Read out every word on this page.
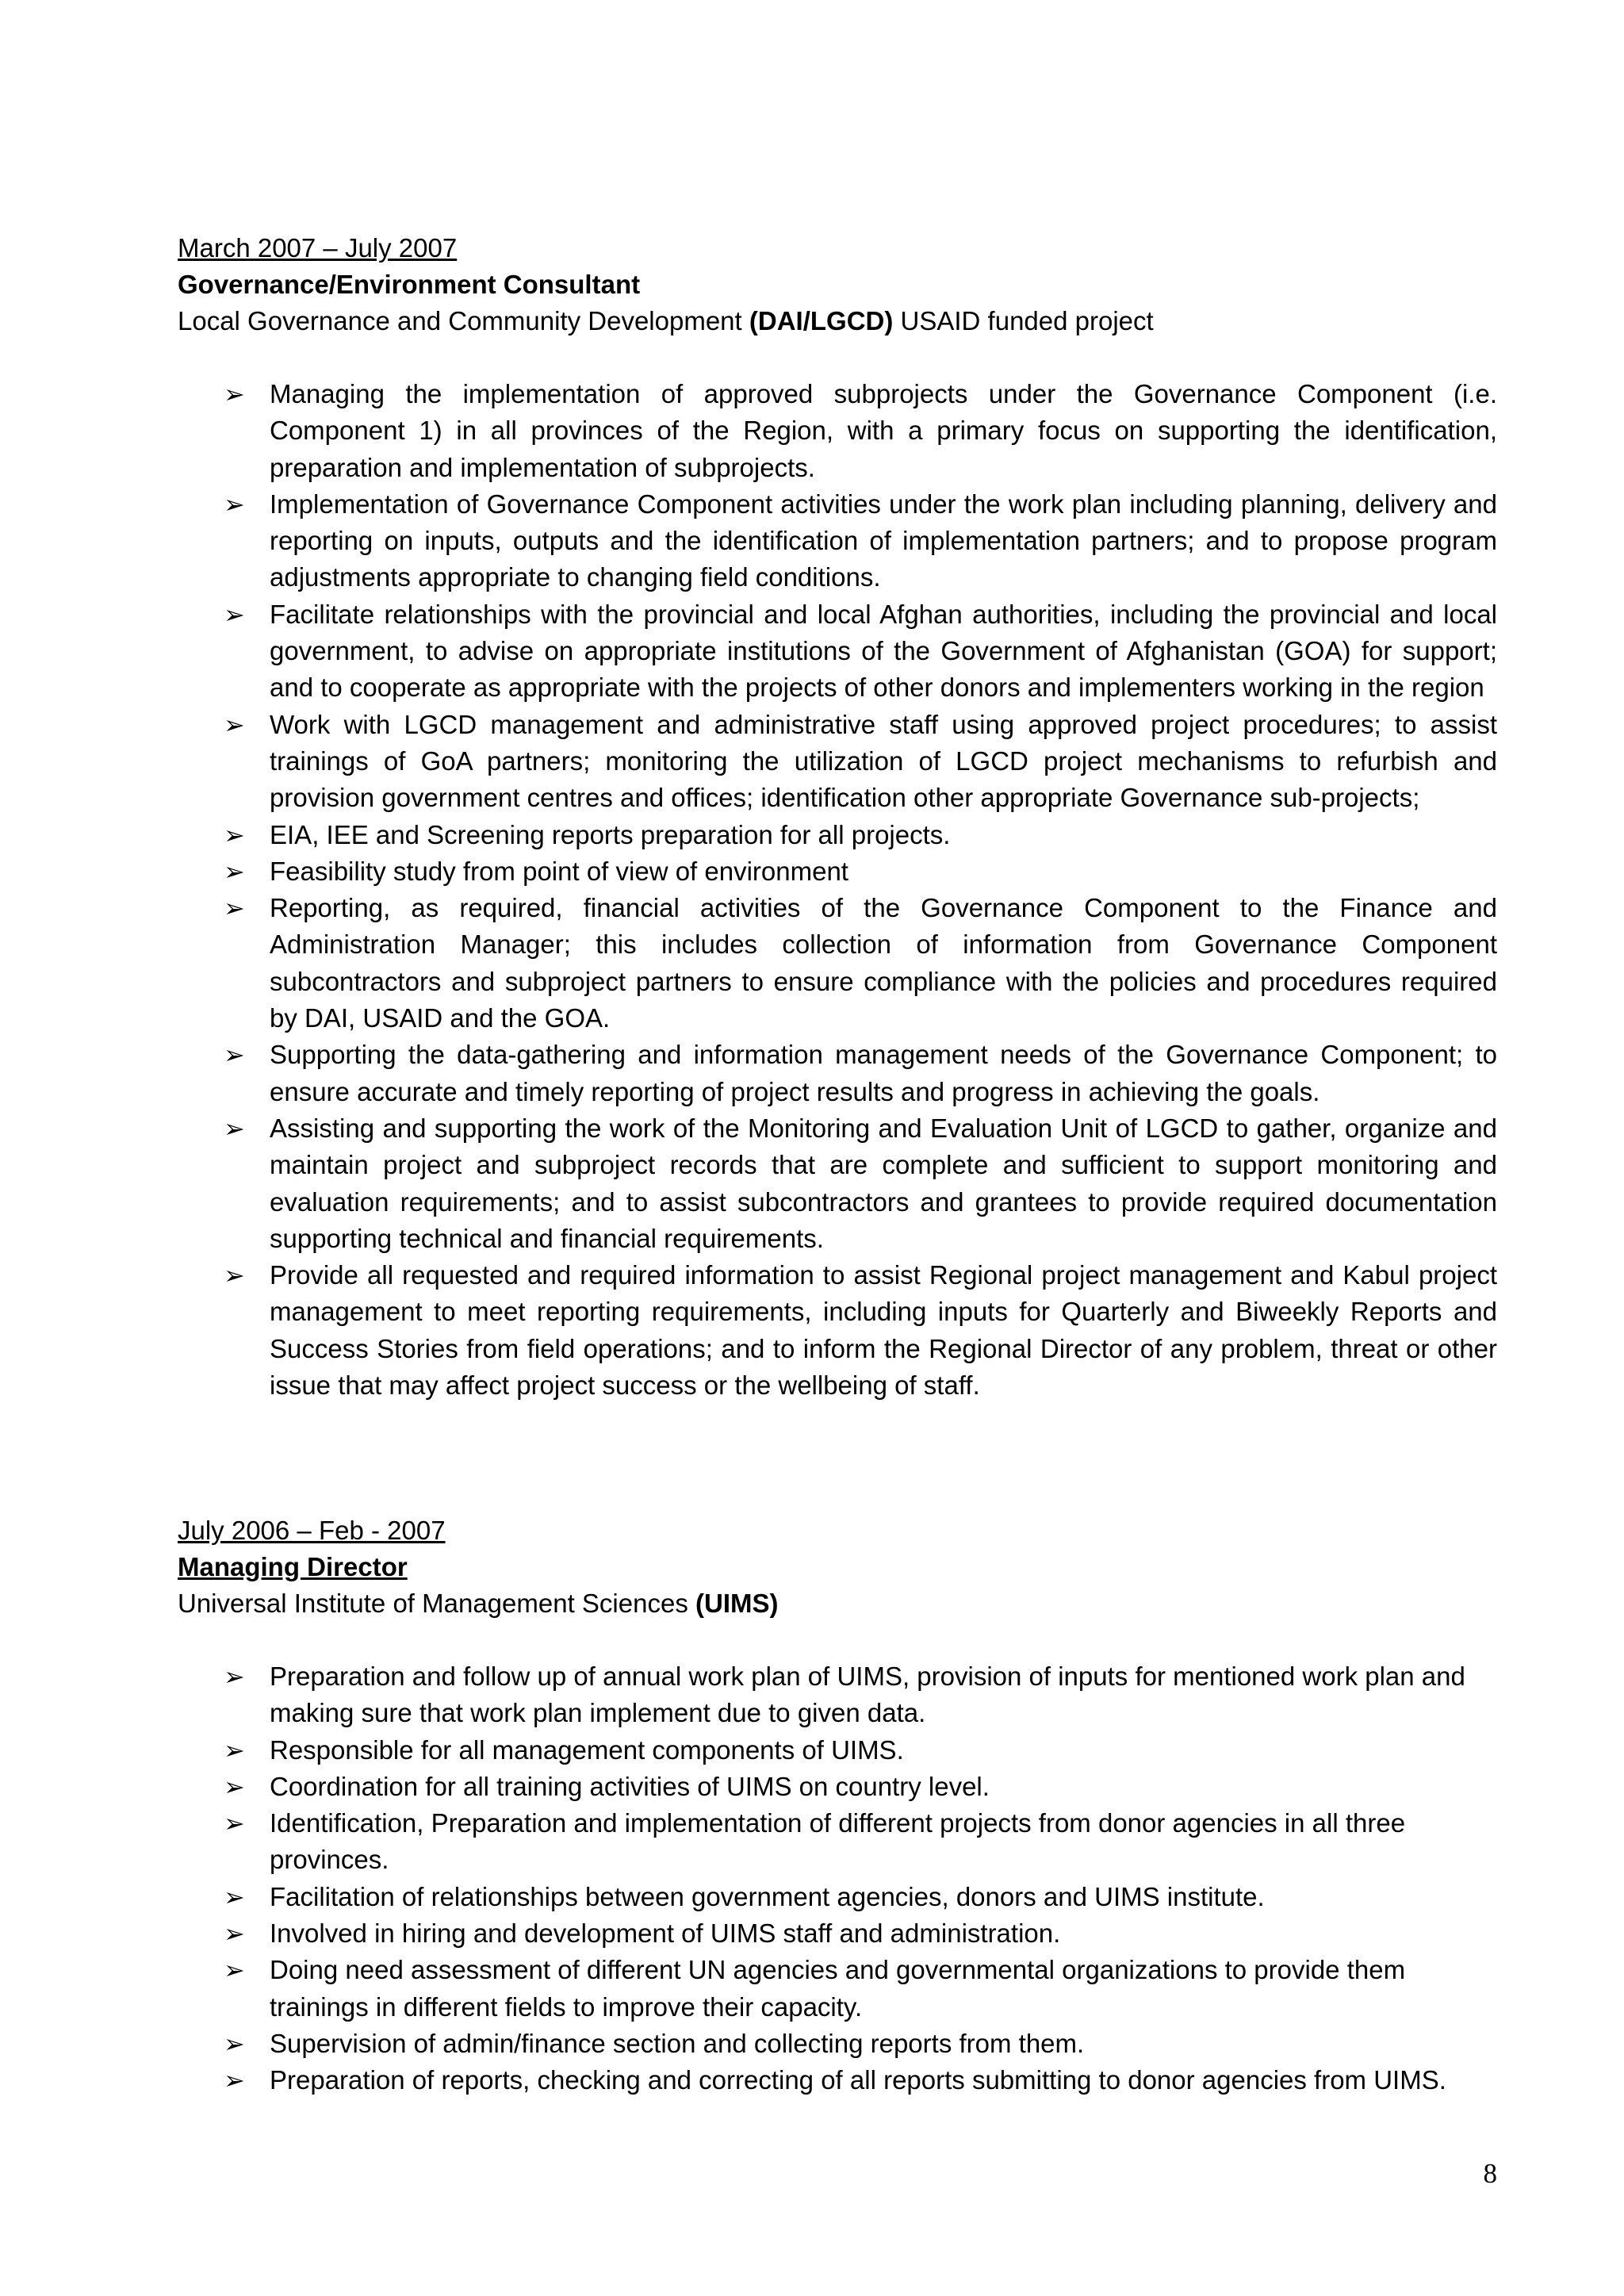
March 2007 – July 2007
Governance/Environment Consultant
Local Governance and Community Development (DAI/LGCD) USAID funded project
➢ Managing the implementation of approved subprojects under the Governance Component (i.e. Component 1) in all provinces of the Region, with a primary focus on supporting the identification, preparation and implementation of subprojects.
➢ Implementation of Governance Component activities under the work plan including planning, delivery and reporting on inputs, outputs and the identification of implementation partners; and to propose program adjustments appropriate to changing field conditions.
➢ Facilitate relationships with the provincial and local Afghan authorities, including the provincial and local government, to advise on appropriate institutions of the Government of Afghanistan (GOA) for support; and to cooperate as appropriate with the projects of other donors and implementers working in the region
➢ Work with LGCD management and administrative staff using approved project procedures; to assist trainings of GoA partners; monitoring the utilization of LGCD project mechanisms to refurbish and provision government centres and offices; identification other appropriate Governance sub-projects;
➢ EIA, IEE and Screening reports preparation for all projects.
➢ Feasibility study from point of view of environment
➢ Reporting, as required, financial activities of the Governance Component to the Finance and Administration Manager; this includes collection of information from Governance Component subcontractors and subproject partners to ensure compliance with the policies and procedures required by DAI, USAID and the GOA.
➢ Supporting the data-gathering and information management needs of the Governance Component; to ensure accurate and timely reporting of project results and progress in achieving the goals.
➢ Assisting and supporting the work of the Monitoring and Evaluation Unit of LGCD to gather, organize and maintain project and subproject records that are complete and sufficient to support monitoring and evaluation requirements; and to assist subcontractors and grantees to provide required documentation supporting technical and financial requirements.
➢ Provide all requested and required information to assist Regional project management and Kabul project management to meet reporting requirements, including inputs for Quarterly and Biweekly Reports and Success Stories from field operations; and to inform the Regional Director of any problem, threat or other issue that may affect project success or the wellbeing of staff.
July 2006 – Feb - 2007
Managing Director
Universal Institute of Management Sciences (UIMS)
➢ Preparation and follow up of annual work plan of UIMS, provision of inputs for mentioned work plan and making sure that work plan implement due to given data.
➢ Responsible for all management components of UIMS.
➢ Coordination for all training activities of UIMS on country level.
➢ Identification, Preparation and implementation of different projects from donor agencies in all three provinces.
➢ Facilitation of relationships between government agencies, donors and UIMS institute.
➢ Involved in hiring and development of UIMS staff and administration.
➢ Doing need assessment of different UN agencies and governmental organizations to provide them trainings in different fields to improve their capacity.
➢ Supervision of admin/finance section and collecting reports from them.
➢ Preparation of reports, checking and correcting of all reports submitting to donor agencies from UIMS.
8
